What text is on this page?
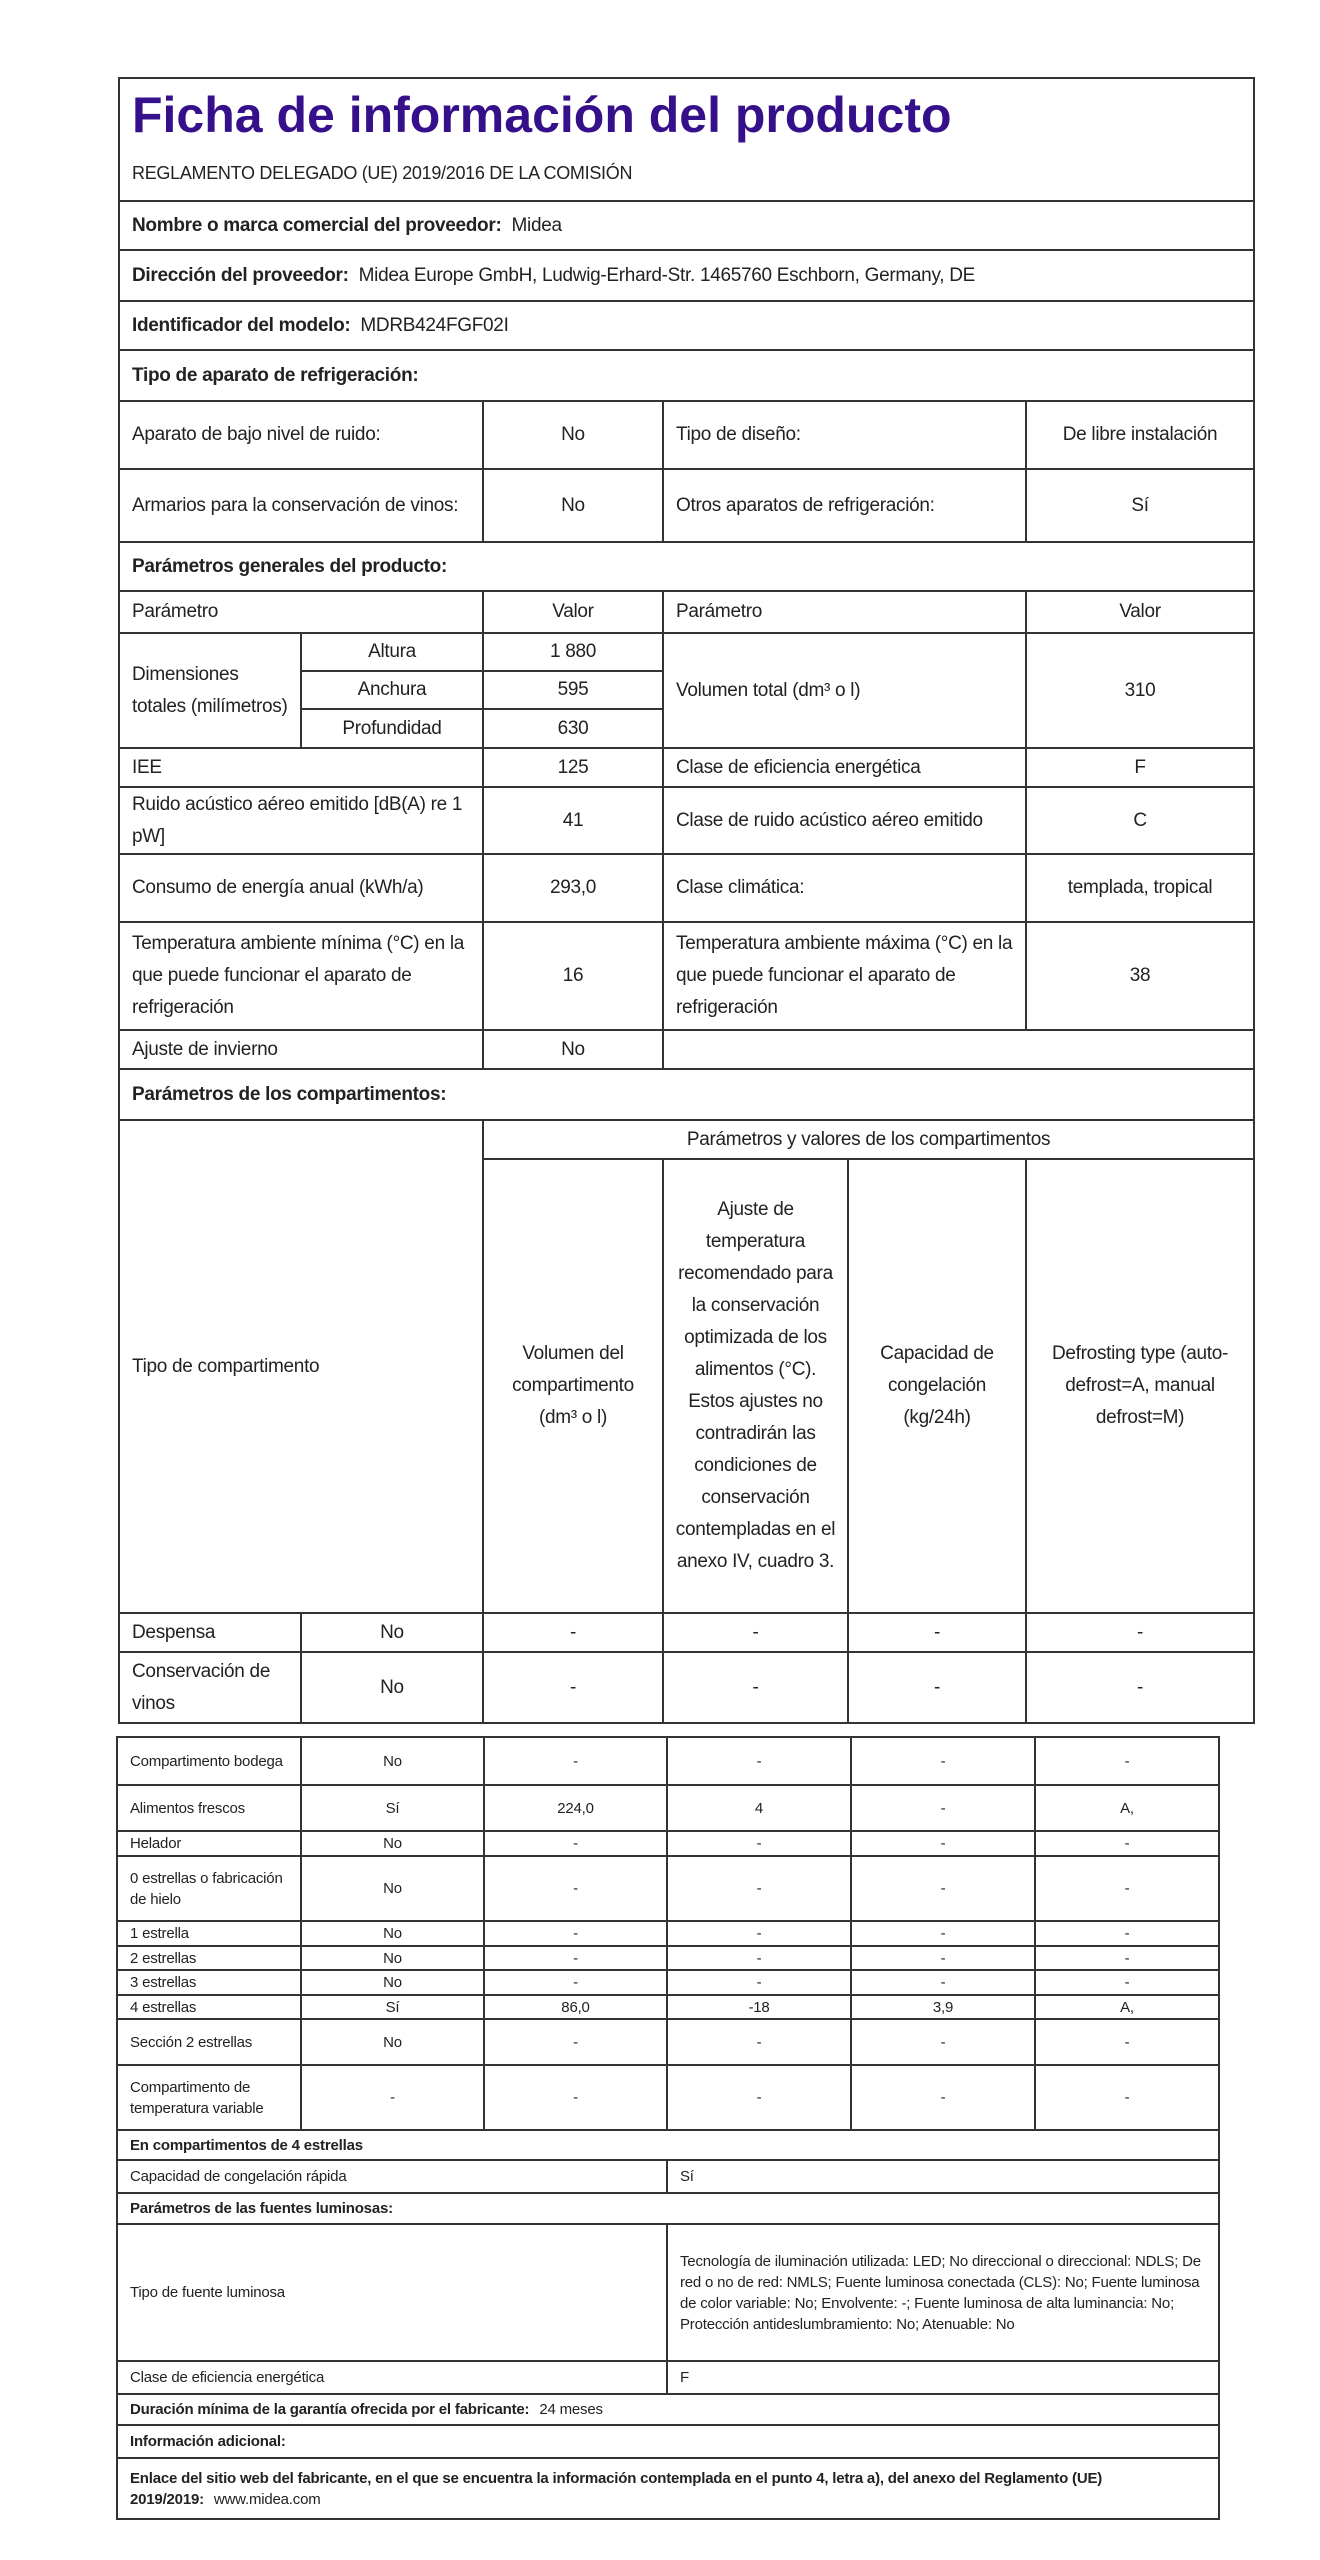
Ficha de información del producto
REGLAMENTO DELEGADO (UE) 2019/2016 DE LA COMISIÓN					

Nombre o marca comercial del proveedor: Midea					
Dirección del proveedor: Midea Europe GmbH, Ludwig-Erhard-Str. 1465760 Eschborn, Germany, DE					
Identificador del modelo: MDRB424FGF02I					
Tipo de aparato de refrigeración:					
Aparato de bajo nivel de ruido:		No	Tipo de diseño:		De libre instalación
Armarios para la conservación de vinos:		No	Otros aparatos de refrigeración:		Sí
Parámetros generales del producto:					
Parámetro		Valor	Parámetro		Valor
Dimensiones totales (milímetros)	Altura	1 880	Volumen total (dm³ o l)		310
	Anchura	595			
	Profundidad	630			
IEE		125	Clase de eficiencia energética		F
Ruido acústico aéreo emitido [dB(A) re 1 pW]		41	Clase de ruido acústico aéreo emitido		C
Consumo de energía anual (kWh/a)		293,0	Clase climática:		templada, tropical
Temperatura ambiente mínima (°C) en la que puede funcionar el aparato de refrigeración		16	Temperatura ambiente máxima (°C) en la que puede funcionar el aparato de refrigeración		38
Ajuste de invierno		No			
Parámetros de los compartimentos:					
Tipo de compartimento		Parámetros y valores de los compartimentos			
		Volumen del compartimento (dm³ o l)	Ajuste de temperatura recomendado para la conservación optimizada de los alimentos (°C). Estos ajustes no contradirán las condiciones de conservación contempladas en el anexo IV, cuadro 3.	Capacidad de congelación (kg/24h)	Defrosting type (auto-defrost=A, manual defrost=M)
Despensa	No	-	-	-	-
Conservación de vinos	No	-	-	-	-
Compartimento bodega	No	-	-	-	-
Alimentos frescos	Sí	224,0	4	-	A,
Helador	No	-	-	-	-
0 estrellas o fabricación de hielo	No	-	-	-	-
1 estrella	No	-	-	-	-
2 estrellas	No	-	-	-	-
3 estrellas	No	-	-	-	-
4 estrellas	Sí	86,0	-18	3,9	A,
Sección 2 estrellas	No	-	-	-	-
Compartimento de temperatura variable	-	-	-	-	-
En compartimentos de 4 estrellas					
Capacidad de congelación rápida			Sí		
Parámetros de las fuentes luminosas:					
Tipo de fuente luminosa			Tecnología de iluminación utilizada: LED; No direccional o direccional: NDLS; De red o no de red: NMLS; Fuente luminosa conectada (CLS): No; Fuente luminosa de color variable: No; Envolvente: -; Fuente luminosa de alta luminancia: No; Protección antideslumbramiento: No; Atenuable: No		
Clase de eficiencia energética			F		
Duración mínima de la garantía ofrecida por el fabricante: 24 meses					
Información adicional:					
Enlace del sitio web del fabricante, en el que se encuentra la información contemplada en el punto 4, letra a), del anexo del Reglamento (UE) 2019/2019: www.midea.com					
